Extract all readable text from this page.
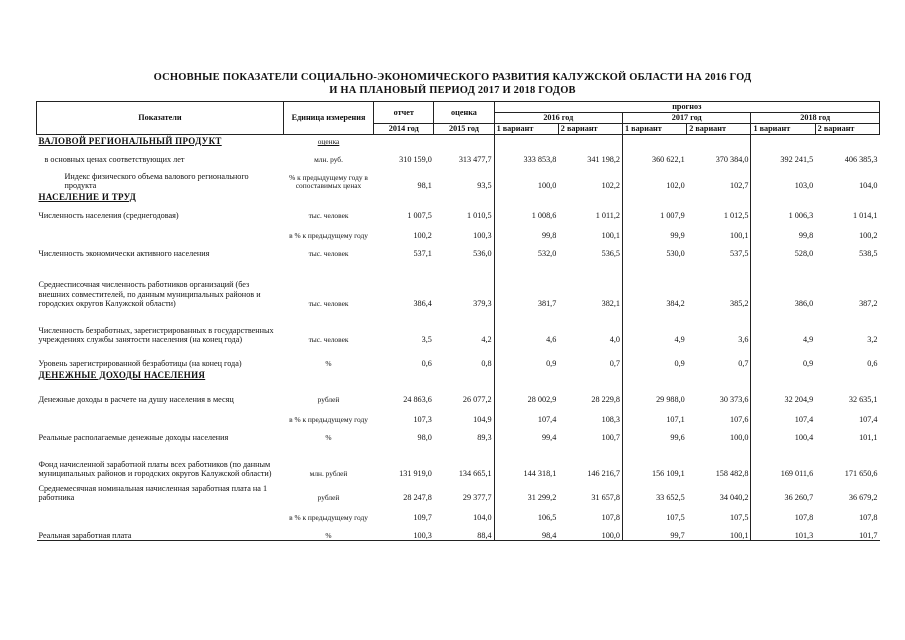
ОСНОВНЫЕ ПОКАЗАТЕЛИ СОЦИАЛЬНО-ЭКОНОМИЧЕСКОГО РАЗВИТИЯ КАЛУЖСКОЙ ОБЛАСТИ НА 2016 ГОД
И НА ПЛАНОВЫЙ ПЕРИОД 2017 И 2018 ГОДОВ
Показатели	Единица измерения	отчет	оценка	прогноз					
				2016 год		2017 год		2018 год	
		2014 год	2015 год	1 вариант	2 вариант	1 вариант	2 вариант	1 вариант	2 вариант
ВАЛОВОЙ РЕГИОНАЛЬНЫЙ ПРОДУКТ	оценка								
в основных ценах соответствующих лет	млн. руб.	310 159,0	313 477,7	333 853,8	341 198,2	360 622,1	370 384,0	392 241,5	406 385,3
Индекс физического объема валового регионального продукта	% к предыдущему году в сопоставимых ценах	98,1	93,5	100,0	102,2	102,0	102,7	103,0	104,0
НАСЕЛЕНИЕ И ТРУД									
Численность населения (среднегодовая)	тыс. человек	1 007,5	1 010,5	1 008,6	1 011,2	1 007,9	1 012,5	1 006,3	1 014,1
	в % к предыдущему году	100,2	100,3	99,8	100,1	99,9	100,1	99,8	100,2
Численность экономически активного населения	тыс. человек	537,1	536,0	532,0	536,5	530,0	537,5	528,0	538,5

Среднесписочная численность работников организаций (без внешних совместителей, по данным муниципальных районов и городских округов Калужской области)	тыс. человек	386,4	379,3	381,7	382,1	384,2	385,2	386,0	387,2
Численность безработных, зарегистрированных в государственных учреждениях службы занятости населения (на конец года)	тыс. человек	3,5	4,2	4,6	4,0	4,9	3,6	4,9	3,2
Уровень зарегистрированной безработицы (на конец года)	%	0,6	0,8	0,9	0,7	0,9	0,7	0,9	0,6
ДЕНЕЖНЫЕ ДОХОДЫ НАСЕЛЕНИЯ									
Денежные доходы в расчете на душу населения в месяц	рублей	24 863,6	26 077,2	28 002,9	28 229,8	29 988,0	30 373,6	32 204,9	32 635,1
	в % к предыдущему году	107,3	104,9	107,4	108,3	107,1	107,6	107,4	107,4
Реальные располагаемые денежные доходы населения	%	98,0	89,3	99,4	100,7	99,6	100,0	100,4	101,1
Фонд начисленной заработной платы всех работников (по данным муниципальных районов и городских округов Калужской области)	млн. рублей	131 919,0	134 665,1	144 318,1	146 216,7	156 109,1	158 482,8	169 011,6	171 650,6
Среднемесячная номинальная начисленная заработная плата на 1 работника	рублей	28 247,8	29 377,7	31 299,2	31 657,8	33 652,5	34 040,2	36 260,7	36 679,2
	в % к предыдущему году	109,7	104,0	106,5	107,8	107,5	107,5	107,8	107,8
Реальная заработная плата	%	100,3	88,4	98,4	100,0	99,7	100,1	101,3	101,7
